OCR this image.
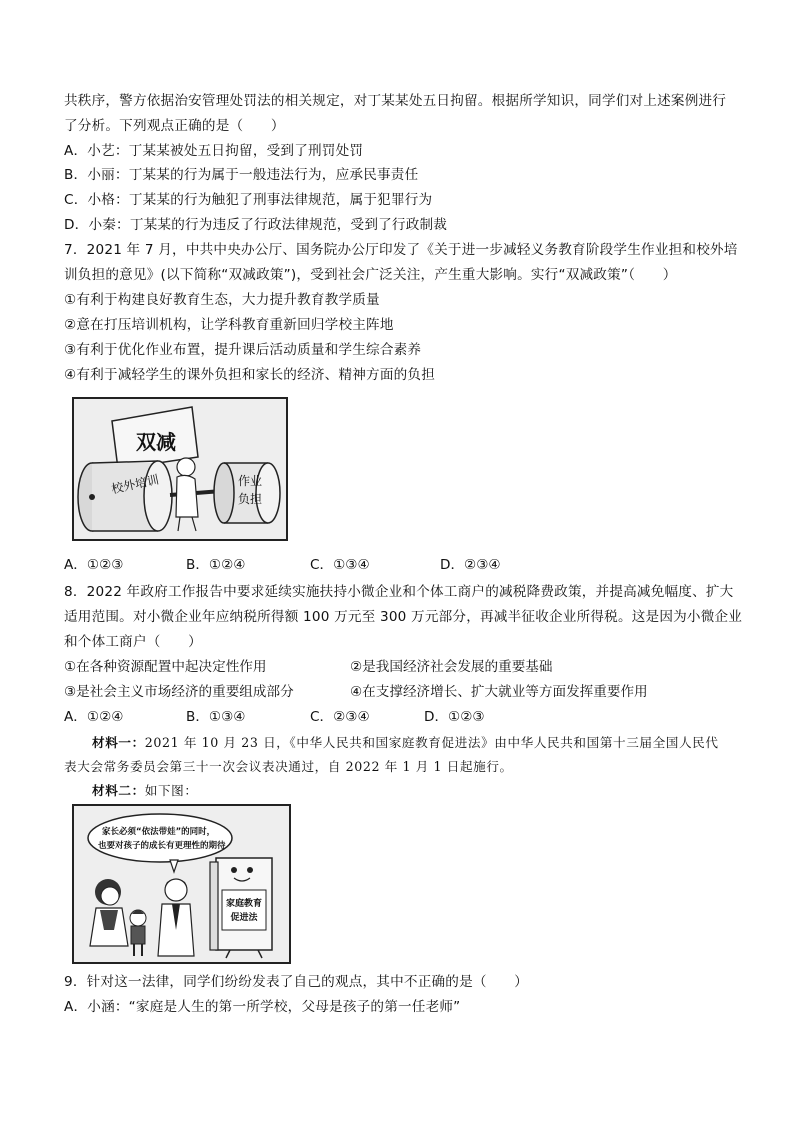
共秩序，警方依据治安管理处罚法的相关规定，对丁某某处五日拘留。根据所学知识，同学们对上述案例进行
了分析。下列观点正确的是（　　）
A．小艺：丁某某被处五日拘留，受到了刑罚处罚
B．小丽：丁某某的行为属于一般违法行为，应承民事责任
C．小格：丁某某的行为触犯了刑事法律规范，属于犯罪行为
D．小秦：丁某某的行为违反了行政法律规范，受到了行政制裁
7．2021 年 7 月，中共中央办公厅、国务院办公厅印发了《关于进一步减轻义务教育阶段学生作业担和校外培
训负担的意见》(以下简称“双减政策”)，受到社会广泛关注，产生重大影响。实行“双减政策”（　　）
①有利于构建良好教育生态，大力提升教育教学质量
②意在打压培训机构，让学科教育重新回归学校主阵地
③有利于优化作业布置，提升课后活动质量和学生综合素养
④有利于减轻学生的课外负担和家长的经济、精神方面的负担
双减
校外培训	作业 负担
A．①②③	B．①②④	C．①③④	D．②③④
8．2022 年政府工作报告中要求延续实施扶持小微企业和个体工商户的减税降费政策，并提高减免幅度、扩大
适用范围。对小微企业年应纳税所得额 100 万元至 300 万元部分，再减半征收企业所得税。这是因为小微企业
和个体工商户（　　）
①在各种资源配置中起决定性作用	②是我国经济社会发展的重要基础
③是社会主义市场经济的重要组成部分	④在支撑经济增长、扩大就业等方面发挥重要作用
A．①②④	B．①③④	C．②③④	D．①②③
材料一：2021 年 10 月 23 日，《中华人民共和国家庭教育促进法》由中华人民共和国第十三届全国人民代
表大会常务委员会第三十一次会议表决通过，自 2022 年 1 月 1 日起施行。
材料二：如下图：
家长必须“依法带娃”的同时，
也要对孩子的成长有更理性的期待
家庭教育促进法
9．针对这一法律，同学们纷纷发表了自己的观点，其中不正确的是（　　）
A．小涵：“家庭是人生的第一所学校，父母是孩子的第一任老师”
